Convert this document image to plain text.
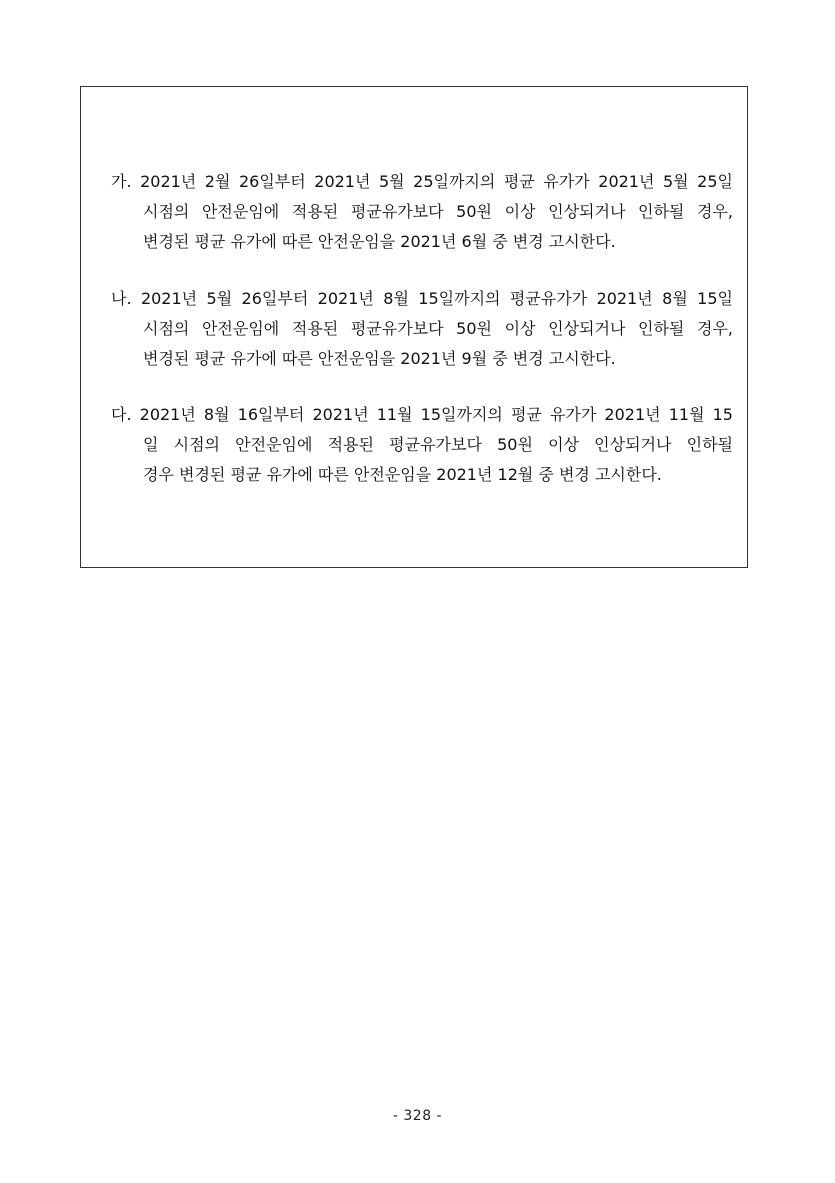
가. 2021년 2월 26일부터 2021년 5월 25일까지의 평균 유가가 2021년 5월 25일
시점의 안전운임에 적용된 평균유가보다 50원 이상 인상되거나 인하될 경우,
변경된 평균 유가에 따른 안전운임을 2021년 6월 중 변경 고시한다.
나. 2021년 5월 26일부터 2021년 8월 15일까지의 평균유가가 2021년 8월 15일
시점의 안전운임에 적용된 평균유가보다 50원 이상 인상되거나 인하될 경우,
변경된 평균 유가에 따른 안전운임을 2021년 9월 중 변경 고시한다.
다. 2021년 8월 16일부터 2021년 11월 15일까지의 평균 유가가 2021년 11월 15
일 시점의 안전운임에 적용된 평균유가보다 50원 이상 인상되거나 인하될
경우 변경된 평균 유가에 따른 안전운임을 2021년 12월 중 변경 고시한다.
- 328 -
